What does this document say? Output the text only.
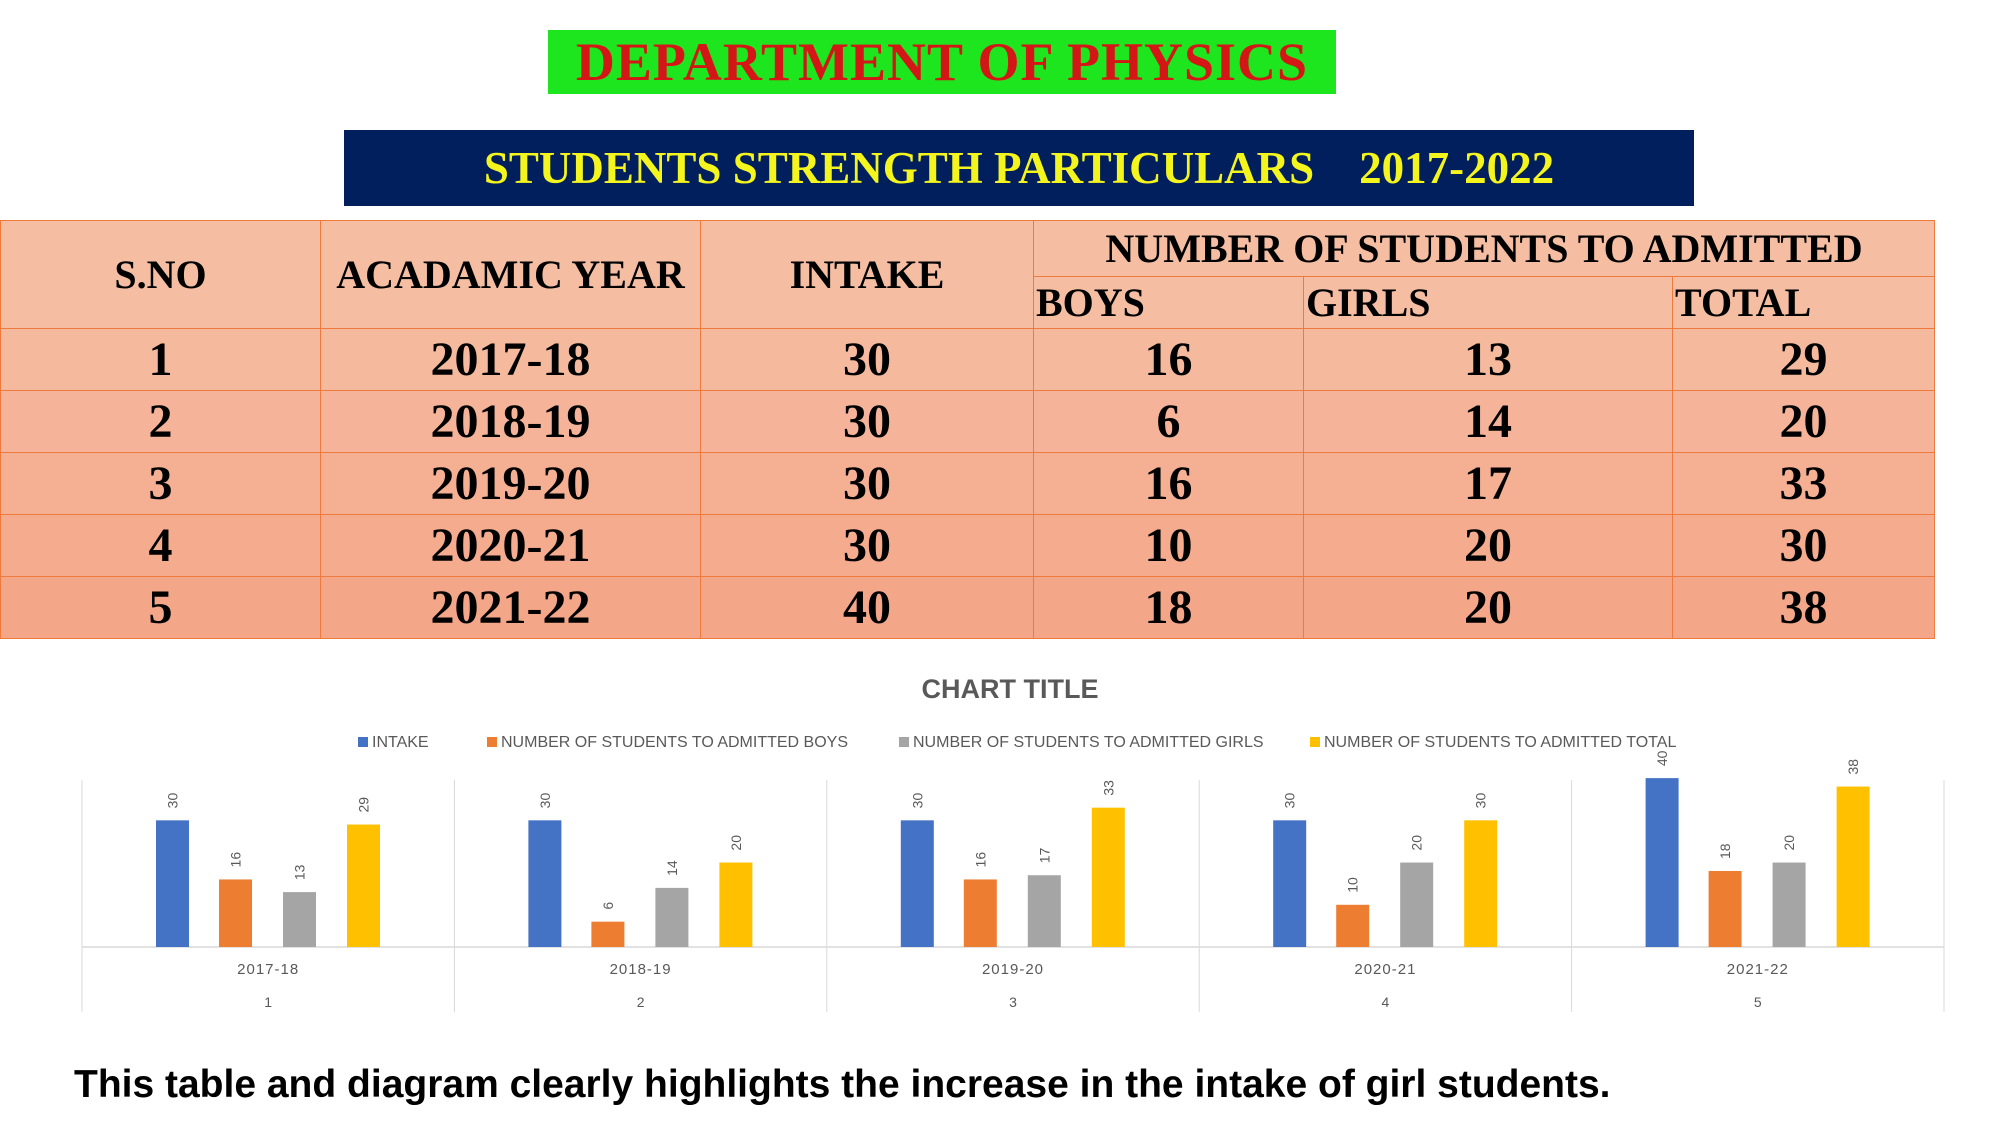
DEPARTMENT OF PHYSICS
STUDENTS STRENGTH PARTICULARS    2017-2022
S.NO	ACADAMIC YEAR	INTAKE	NUMBER OF STUDENTS TO ADMITTED		
			BOYS	GIRLS	TOTAL
1	2017-18	30	16	13	29
2	2018-19	30	6	14	20
3	2019-20	30	16	17	33
4	2020-21	30	10	20	30
5	2021-22	40	18	20	38
CHART TITLE
INTAKE	NUMBER OF STUDENTS TO ADMITTED BOYS	NUMBER OF STUDENTS TO ADMITTED GIRLS	NUMBER OF STUDENTS TO ADMITTED TOTAL
30
16
13
29
2017-18
1
30
6
14
20
2018-19
2
30
16	17
33
2019-20
3
30
10
20
30
2020-21
4
40
18
20
38
2021-22
5
This table and diagram clearly highlights the increase in the intake of girl students.
